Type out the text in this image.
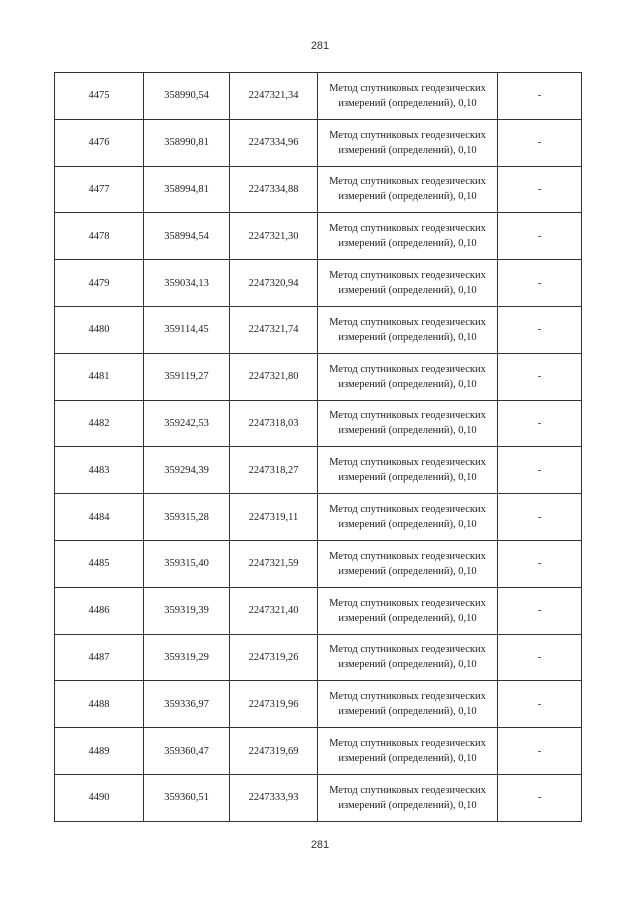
281
4475	358990,54	2247321,34	Метод спутниковых геодезических измерений (определений), 0,10	-
4476	358990,81	2247334,96	Метод спутниковых геодезических измерений (определений), 0,10	-
4477	358994,81	2247334,88	Метод спутниковых геодезических измерений (определений), 0,10	-
4478	358994,54	2247321,30	Метод спутниковых геодезических измерений (определений), 0,10	-
4479	359034,13	2247320,94	Метод спутниковых геодезических измерений (определений), 0,10	-
4480	359114,45	2247321,74	Метод спутниковых геодезических измерений (определений), 0,10	-
4481	359119,27	2247321,80	Метод спутниковых геодезических измерений (определений), 0,10	-
4482	359242,53	2247318,03	Метод спутниковых геодезических измерений (определений), 0,10	-
4483	359294,39	2247318,27	Метод спутниковых геодезических измерений (определений), 0,10	-
4484	359315,28	2247319,11	Метод спутниковых геодезических измерений (определений), 0,10	-
4485	359315,40	2247321,59	Метод спутниковых геодезических измерений (определений), 0,10	-
4486	359319,39	2247321,40	Метод спутниковых геодезических измерений (определений), 0,10	-
4487	359319,29	2247319,26	Метод спутниковых геодезических измерений (определений), 0,10	-
4488	359336,97	2247319,96	Метод спутниковых геодезических измерений (определений), 0,10	-
4489	359360,47	2247319,69	Метод спутниковых геодезических измерений (определений), 0,10	-
4490	359360,51	2247333,93	Метод спутниковых геодезических измерений (определений), 0,10	-
281
